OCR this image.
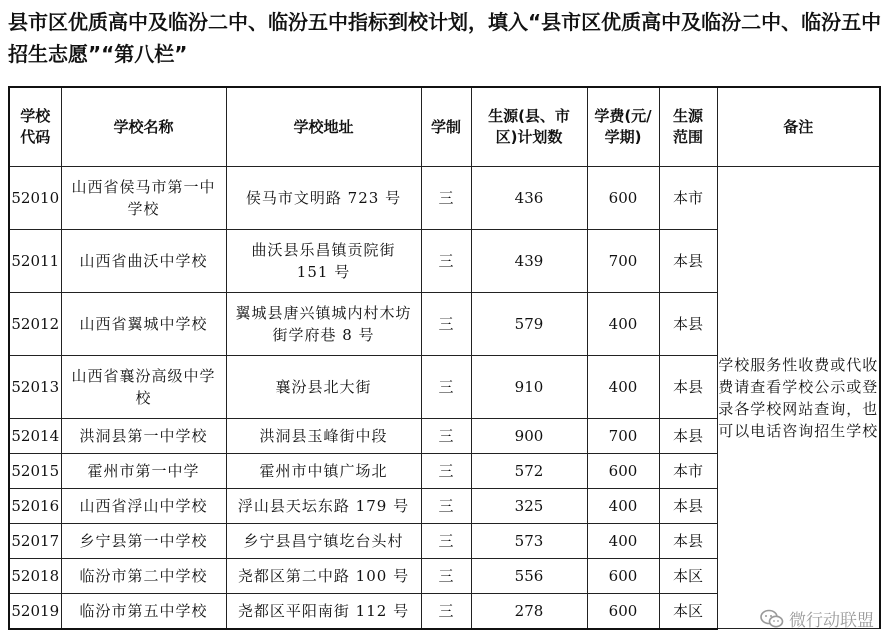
县市区优质高中及临汾二中、临汾五中指标到校计划，填入“县市区优质高中及临汾二中、临汾五中招生志愿”“第八栏”
学校代码	学校名称	学校地址	学制	生源(县、市区)计划数	学费(元/学期)	生源范围	备注
52010	山西省侯马市第一中学校	侯马市文明路 723 号	三	436	600	本市	学校服务性收费或代收费请查看学校公示或登录各学校网站查询，也可以电话咨询招生学校
52011	山西省曲沃中学校	曲沃县乐昌镇贡院街151 号	三	439	700	本县	
52012	山西省翼城中学校	翼城县唐兴镇城内村木坊街学府巷 8 号	三	579	400	本县	
52013	山西省襄汾高级中学校	襄汾县北大街	三	910	400	本县	
52014	洪洞县第一中学校	洪洞县玉峰街中段	三	900	700	本县	
52015	霍州市第一中学	霍州市中镇广场北	三	572	600	本市	
52016	山西省浮山中学校	浮山县天坛东路 179 号	三	325	400	本县	
52017	乡宁县第一中学校	乡宁县昌宁镇圪台头村	三	573	400	本县	
52018	临汾市第二中学校	尧都区第二中路 100 号	三	556	600	本区	
52019	临汾市第五中学校	尧都区平阳南街 112 号	三	278	600	本区	
微行动联盟
